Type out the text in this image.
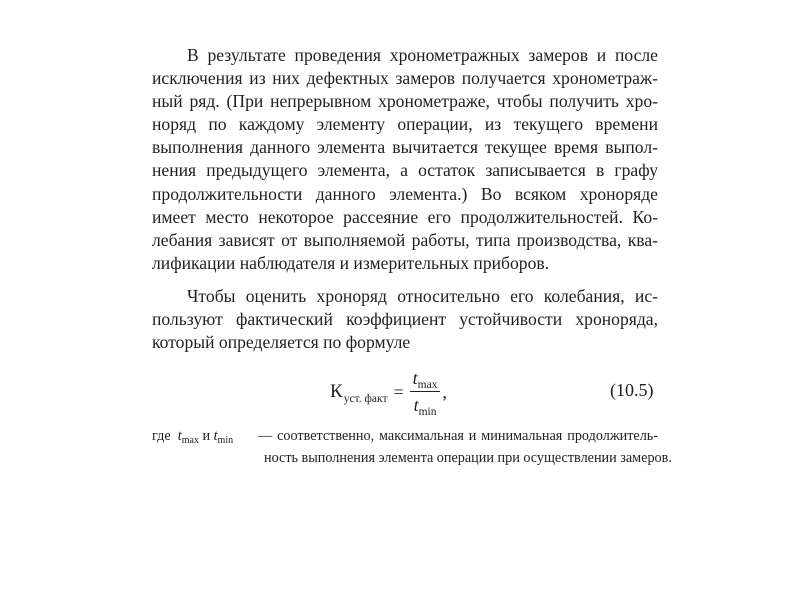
В результате проведения хронометражных замеров и после
исключения из них дефектных замеров получается хронометраж-
ный ряд. (При непрерывном хронометраже, чтобы получить хро-
норяд по каждому элементу операции, из текущего времени
выполнения данного элемента вычитается текущее время выпол-
нения предыдущего элемента, а остаток записывается в графу
продолжительности данного элемента.) Во всяком хронорядe
имеет место некоторое рассеяние его продолжительностей. Ко-
лебания зависят от выполняемой работы, типа производства, ква-
лификации наблюдателя и измерительных приборов.

Чтобы оценить хроноряд относительно его колебания, ис-
пользуют фактический коэффициент устойчивости хроноряда,
который определяется по формуле

К уст. факт = $\frac{t_{max}}{t_{min}}$ ,	(10.5)
где $t_{max}$ и $t_{min}$ — соответственно, максимальная и минимальная продолжитель-
ность выполнения элемента операции при осуществлении замеров.
